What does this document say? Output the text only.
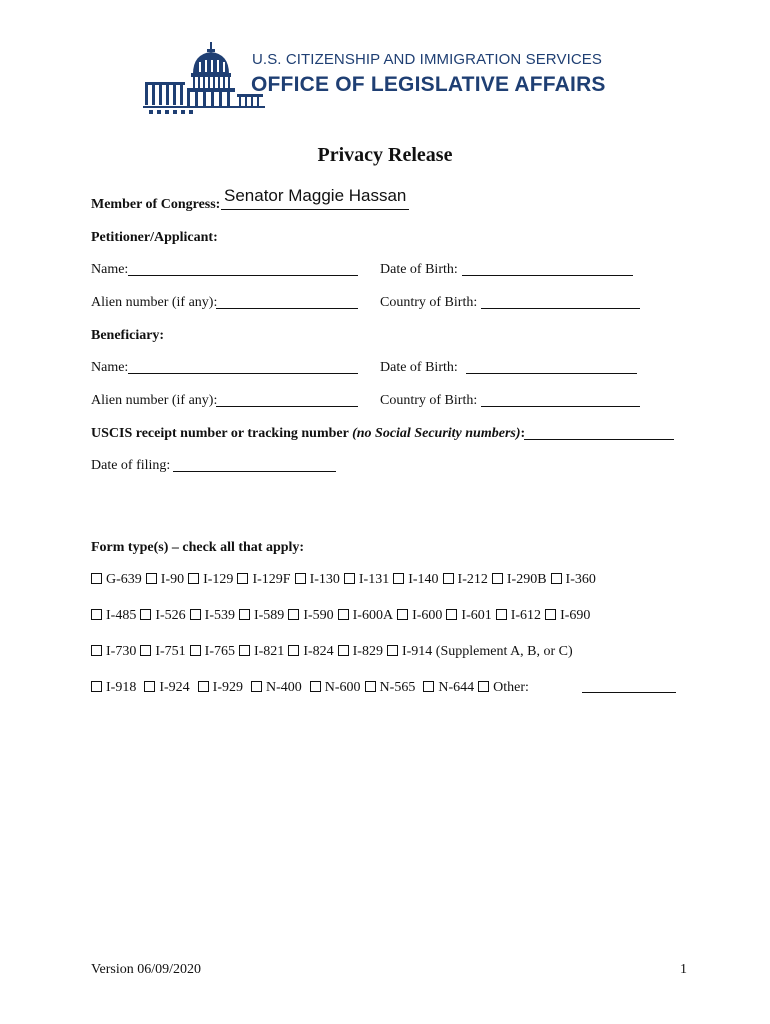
U.S. CITIZENSHIP AND IMMIGRATION SERVICES
OFFICE OF LEGISLATIVE AFFAIRS
Privacy Release
Member of Congress: Senator Maggie Hassan
Petitioner/Applicant:
Name:	Date of Birth:
Alien number (if any):	Country of Birth:
Beneficiary:
Name:	Date of Birth:
Alien number (if any):	Country of Birth:
USCIS receipt number or tracking number (no Social Security numbers):
Date of filing:
Form type(s) – check all that apply:
G-639 I-90 I-129 I-129F I-130 I-131 I-140 I-212 I-290B I-360
I-485 I-526 I-539 I-589 I-590 I-600A I-600 I-601 I-612 I-690
I-730 I-751 I-765 I-821 I-824 I-829 I-914 (Supplement A, B, or C)
I-918 I-924 I-929 N-400 N-600 N-565 N-644 Other:
Version 06/09/2020	1
